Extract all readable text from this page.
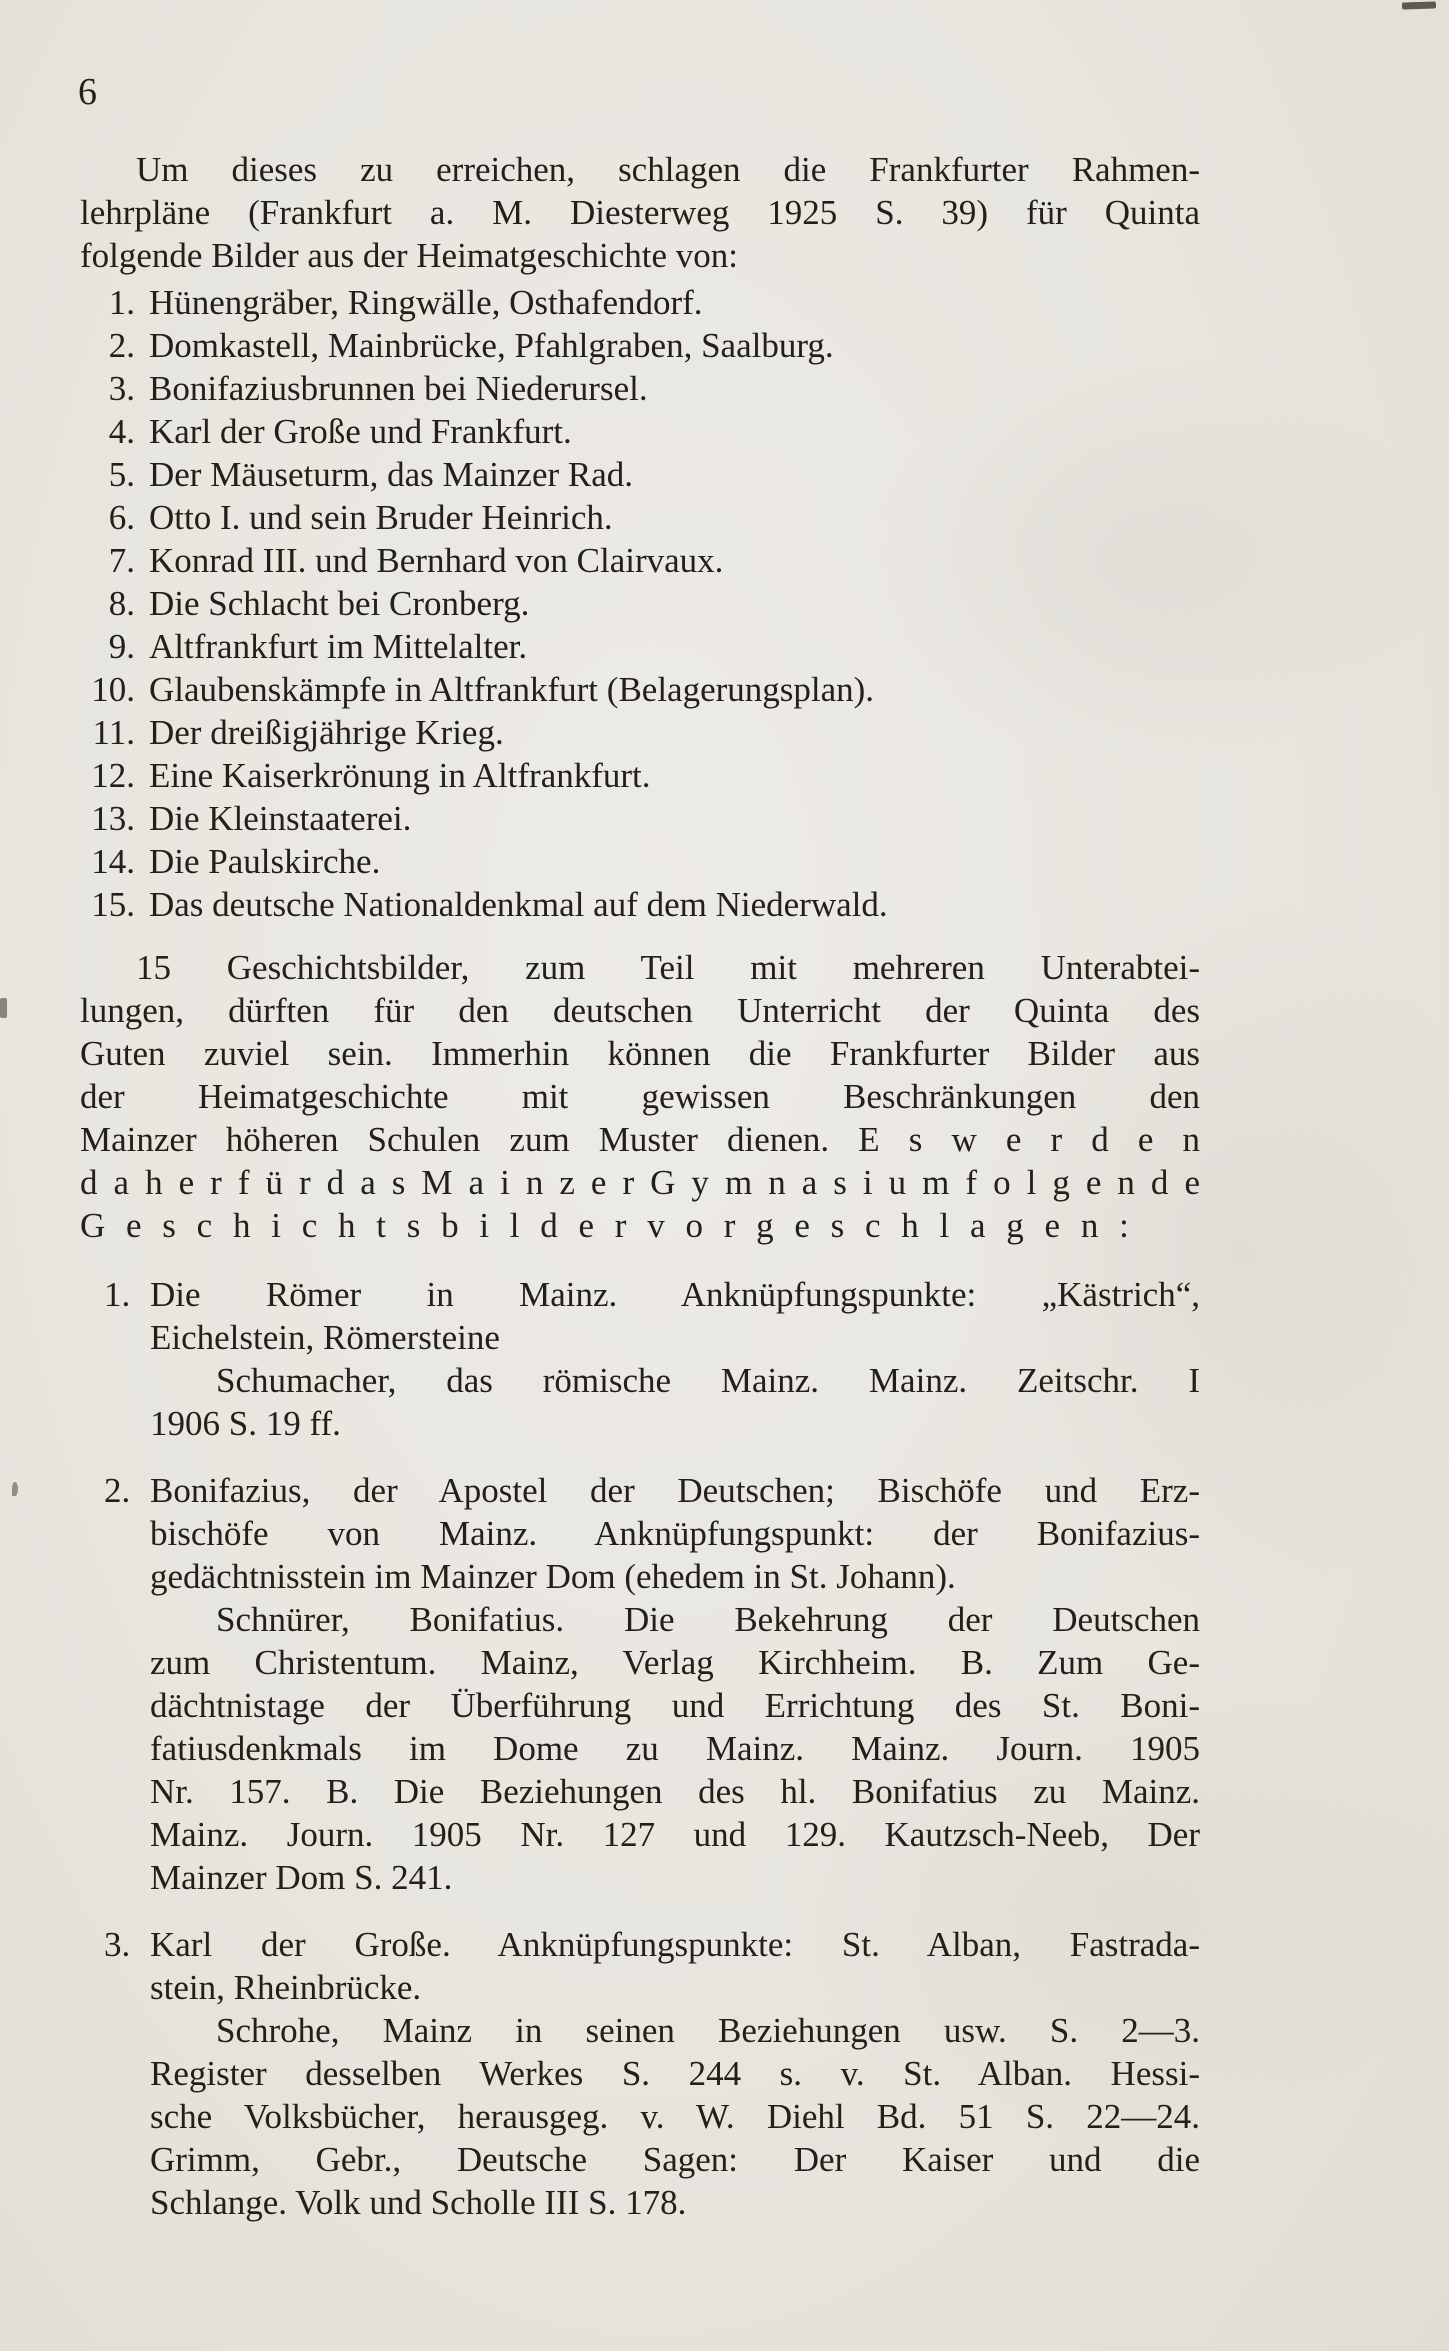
6
Um dieses zu erreichen, schlagen die Frankfurter Rahmen-
lehrpläne (Frankfurt a. M. Diesterweg 1925 S. 39) für Quinta
folgende Bilder aus der Heimatgeschichte von:
1. Hünengräber, Ringwälle, Osthafendorf.
2. Domkastell, Mainbrücke, Pfahlgraben, Saalburg.
3. Bonifaziusbrunnen bei Niederursel.
4. Karl der Große und Frankfurt.
5. Der Mäuseturm, das Mainzer Rad.
6. Otto I. und sein Bruder Heinrich.
7. Konrad III. und Bernhard von Clairvaux.
8. Die Schlacht bei Cronberg.
9. Altfrankfurt im Mittelalter.
10. Glaubenskämpfe in Altfrankfurt (Belagerungsplan).
11. Der dreißigjährige Krieg.
12. Eine Kaiserkrönung in Altfrankfurt.
13. Die Kleinstaaterei.
14. Die Paulskirche.
15. Das deutsche Nationaldenkmal auf dem Niederwald.
15 Geschichtsbilder, zum Teil mit mehreren Unterabtei-
lungen, dürften für den deutschen Unterricht der Quinta des
Guten zuviel sein. Immerhin können die Frankfurter Bilder aus
der Heimatgeschichte mit gewissen Beschränkungen den
Mainzer höheren Schulen zum Muster dienen. E s w e r d e n
d a h e r f ü r d a s M a i n z e r G y m n a s i u m f o l g e n d e
G e s c h i c h t s b i l d e r v o r g e s c h l a g e n :
1. Die Römer in Mainz. Anknüpfungspunkte: „Kästrich“,
Eichelstein, Römersteine
Schumacher, das römische Mainz. Mainz. Zeitschr. I
1906 S. 19 ff.
2. Bonifazius, der Apostel der Deutschen; Bischöfe und Erz-
bischöfe von Mainz. Anknüpfungspunkt: der Bonifazius-
gedächtnisstein im Mainzer Dom (ehedem in St. Johann).
Schnürer, Bonifatius. Die Bekehrung der Deutschen
zum Christentum. Mainz, Verlag Kirchheim. B. Zum Ge-
dächtnistage der Überführung und Errichtung des St. Boni-
fatiusdenkmals im Dome zu Mainz. Mainz. Journ. 1905
Nr. 157. B. Die Beziehungen des hl. Bonifatius zu Mainz.
Mainz. Journ. 1905 Nr. 127 und 129. Kautzsch-Neeb, Der
Mainzer Dom S. 241.
3. Karl der Große. Anknüpfungspunkte: St. Alban, Fastrada-
stein, Rheinbrücke.
Schrohe, Mainz in seinen Beziehungen usw. S. 2—3.
Register desselben Werkes S. 244 s. v. St. Alban. Hessi-
sche Volksbücher, herausgeg. v. W. Diehl Bd. 51 S. 22—24.
Grimm, Gebr., Deutsche Sagen: Der Kaiser und die
Schlange. Volk und Scholle III S. 178.
